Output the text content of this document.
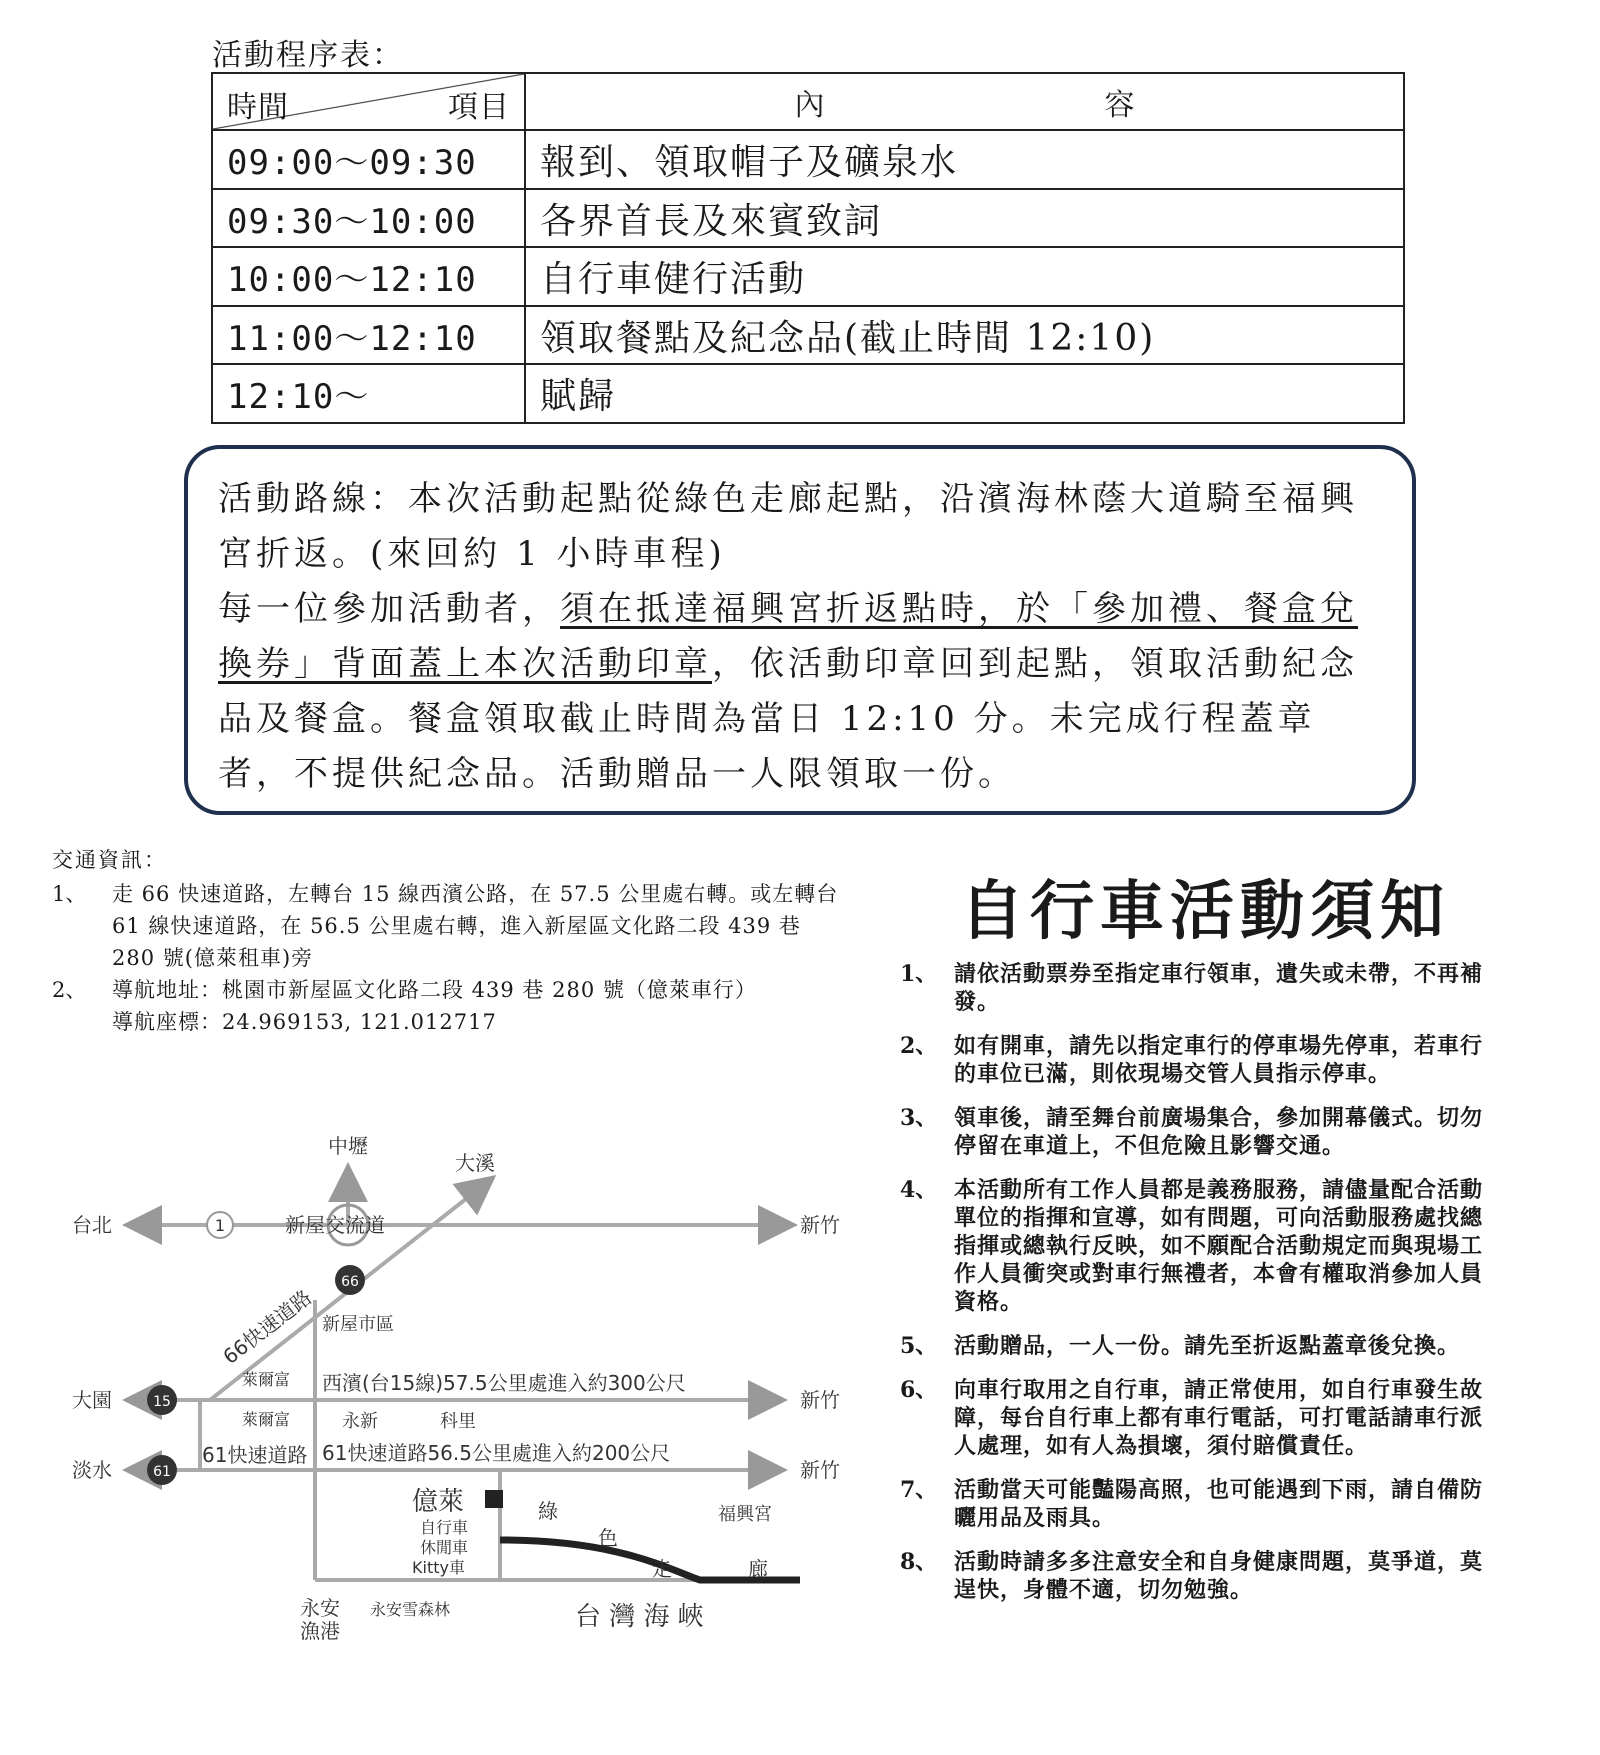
活動程序表：
時間 項目	內 容
09:00～09:30	報到、領取帽子及礦泉水
09:30～10:00	各界首長及來賓致詞
10:00～12:10	自行車健行活動
11:00～12:10	領取餐點及紀念品(截止時間 12:10)
12:10～	賦歸

活動路線：本次活動起點從綠色走廊起點，沿濱海林蔭大道騎至福興宮折返。(來回約 1 小時車程)

每一位參加活動者，須在抵達福興宮折返點時，於「參加禮、餐盒兌換券」背面蓋上本次活動印章，依活動印章回到起點，領取活動紀念品及餐盒。餐盒領取截止時間為當日 12:10 分。未完成行程蓋章者，不提供紀念品。活動贈品一人限領取一份。

交通資訊：
1、	走 66 快速道路，左轉台 15 線西濱公路，在 57.5 公里處右轉。或左轉台 61 線快速道路，在 56.5 公里處右轉，進入新屋區文化路二段 439 巷 280 號(億萊租車)旁
2、	導航地址：桃園市新屋區文化路二段 439 巷 280 號（億萊車行）
導航座標：24.969153, 121.012717
自行車活動須知
1、 請依活動票券至指定車行領車，遺失或未帶，不再補發。
2、 如有開車，請先以指定車行的停車場先停車，若車行的車位已滿，則依現場交管人員指示停車。
3、 領車後，請至舞台前廣場集合，參加開幕儀式。切勿停留在車道上，不但危險且影響交通。
4、 本活動所有工作人員都是義務服務，請儘量配合活動單位的指揮和宣導，如有問題，可向活動服務處找總指揮或總執行反映，如不願配合活動規定而與現場工作人員衝突或對車行無禮者，本會有權取消參加人員資格。
5、 活動贈品，一人一份。請先至折返點蓋章後兌換。
6、 向車行取用之自行車，請正常使用，如自行車發生故障，每台自行車上都有車行電話，可打電話請車行派人處理，如有人為損壞，須付賠償責任。
7、 活動當天可能豔陽高照，也可能遇到下雨，請自備防曬用品及雨具。
8、 活動時請多多注意安全和自身健康問題，莫爭道，莫逞快，身體不適，切勿勉強。
1
66
15
61
中壢
大溪
台北	新屋交流道	新竹
66快速道路 新屋市區
萊爾富 西濱(台15線)57.5公里處進入約300公尺
大園	新竹
萊爾富	永新	科里
61快速道路 61快速道路56.5公里處進入約200公尺
淡水	新竹
億萊
自行車
休閒車
Kitty車
綠
色
走	廊
福興宮
永安
漁港
永安雪森林	台 灣 海 峽
